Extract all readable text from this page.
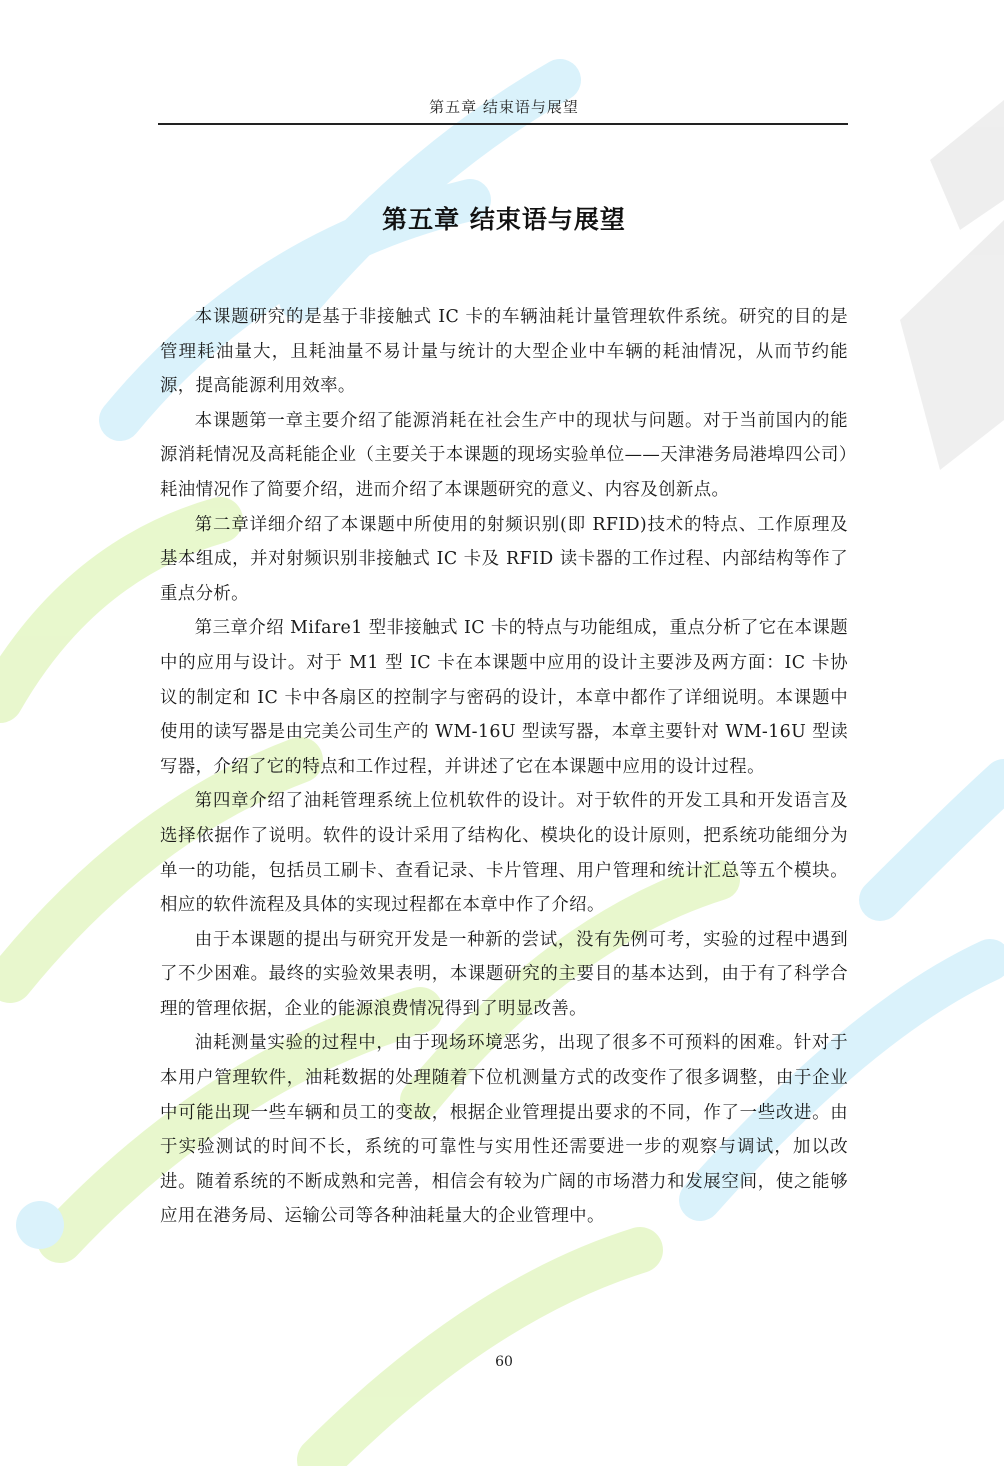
第五章 结束语与展望
第五章 结束语与展望

本课题研究的是基于非接触式 IC 卡的车辆油耗计量管理软件系统。研究的目的是管理耗油量大，且耗油量不易计量与统计的大型企业中车辆的耗油情况，从而节约能源，提高能源利用效率。

本课题第一章主要介绍了能源消耗在社会生产中的现状与问题。对于当前国内的能源消耗情况及高耗能企业（主要关于本课题的现场实验单位——天津港务局港埠四公司）耗油情况作了简要介绍，进而介绍了本课题研究的意义、内容及创新点。

第二章详细介绍了本课题中所使用的射频识别(即 RFID)技术的特点、工作原理及基本组成，并对射频识别非接触式 IC 卡及 RFID 读卡器的工作过程、内部结构等作了重点分析。

第三章介绍 Mifare1 型非接触式 IC 卡的特点与功能组成，重点分析了它在本课题中的应用与设计。对于 M1 型 IC 卡在本课题中应用的设计主要涉及两方面：IC 卡协议的制定和 IC 卡中各扇区的控制字与密码的设计，本章中都作了详细说明。本课题中使用的读写器是由完美公司生产的 WM-16U 型读写器，本章主要针对 WM-16U 型读写器，介绍了它的特点和工作过程，并讲述了它在本课题中应用的设计过程。

第四章介绍了油耗管理系统上位机软件的设计。对于软件的开发工具和开发语言及选择依据作了说明。软件的设计采用了结构化、模块化的设计原则，把系统功能细分为单一的功能，包括员工刷卡、查看记录、卡片管理、用户管理和统计汇总等五个模块。相应的软件流程及具体的实现过程都在本章中作了介绍。

由于本课题的提出与研究开发是一种新的尝试，没有先例可考，实验的过程中遇到了不少困难。最终的实验效果表明，本课题研究的主要目的基本达到，由于有了科学合理的管理依据，企业的能源浪费情况得到了明显改善。

油耗测量实验的过程中，由于现场环境恶劣，出现了很多不可预料的困难。针对于本用户管理软件，油耗数据的处理随着下位机测量方式的改变作了很多调整，由于企业中可能出现一些车辆和员工的变故，根据企业管理提出要求的不同，作了一些改进。由于实验测试的时间不长，系统的可靠性与实用性还需要进一步的观察与调试，加以改进。随着系统的不断成熟和完善，相信会有较为广阔的市场潜力和发展空间，使之能够应用在港务局、运输公司等各种油耗量大的企业管理中。

60
